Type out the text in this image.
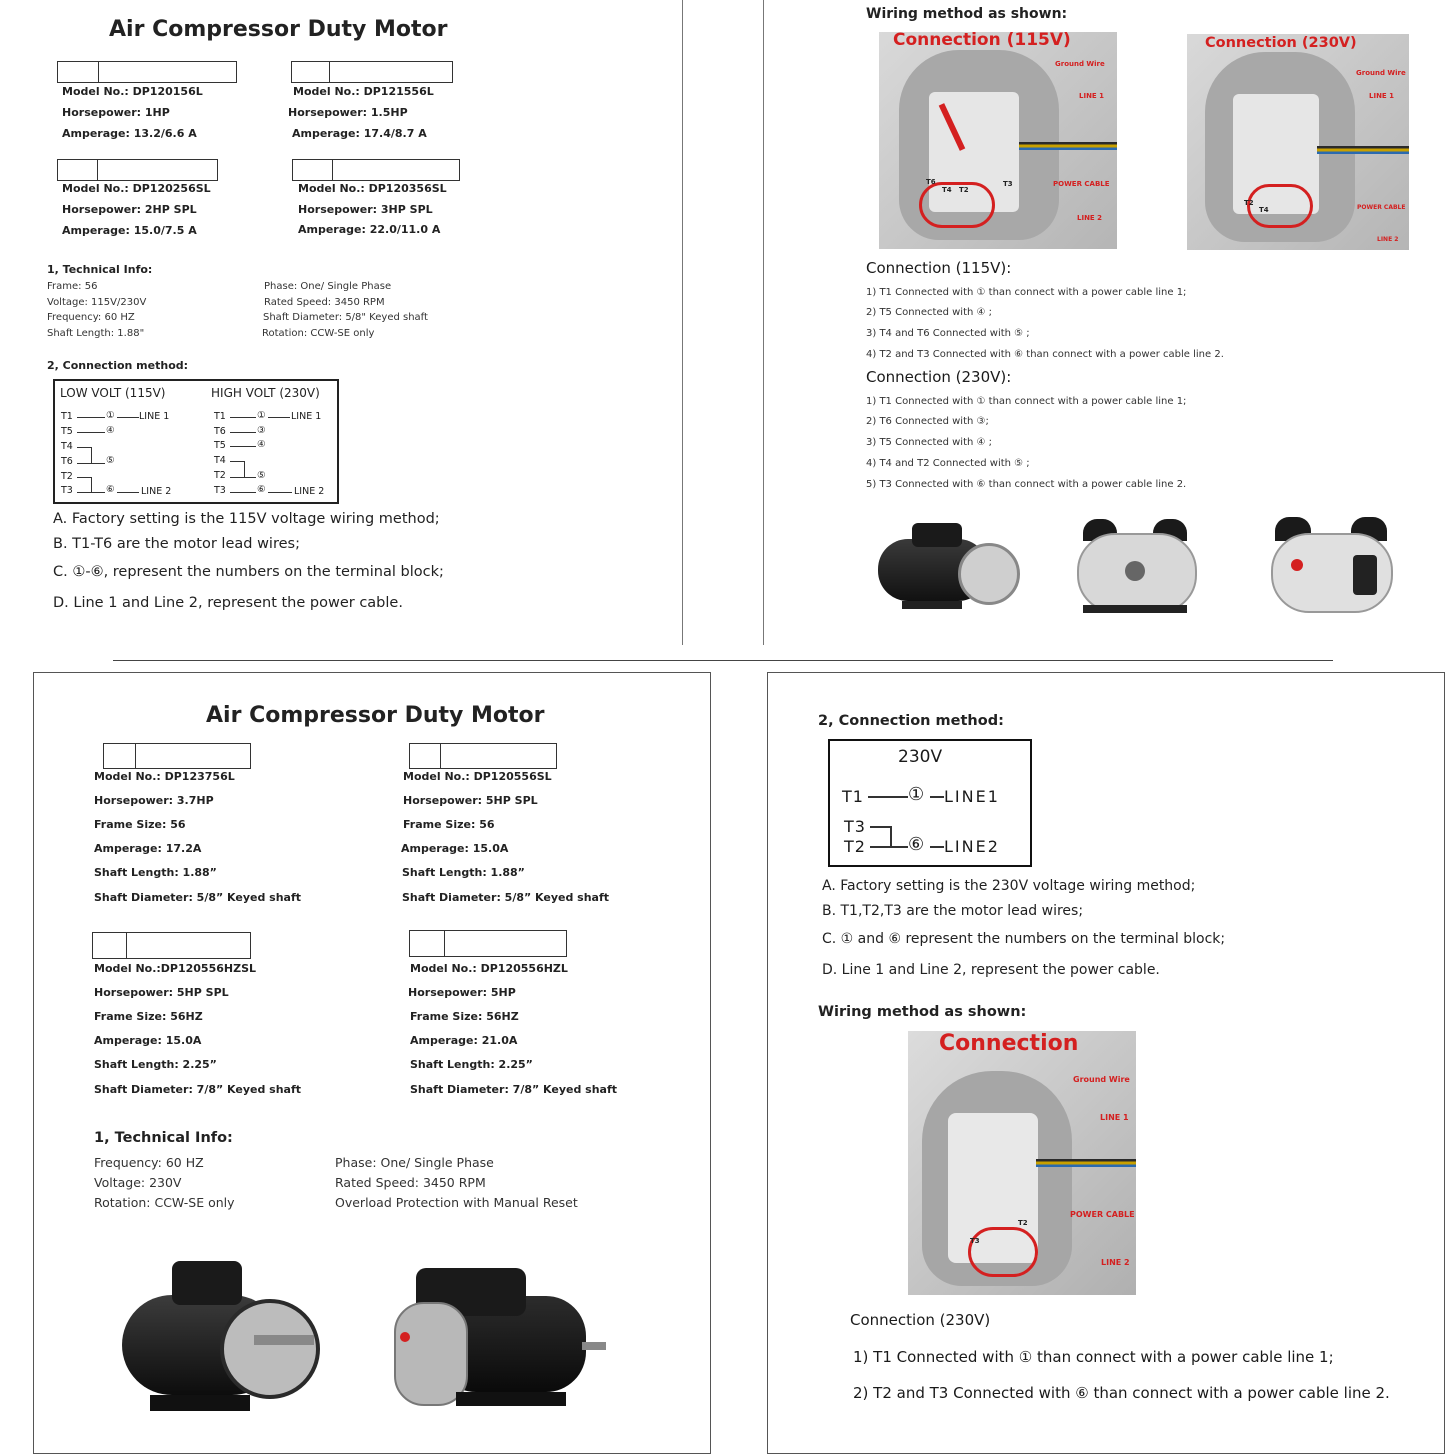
Air Compressor Duty Motor
Model No.: DP120156L
Horsepower: 1HP
Amperage: 13.2/6.6 A
Model No.: DP121556L
Horsepower: 1.5HP
Amperage: 17.4/8.7 A
Model No.: DP120256SL
Horsepower: 2HP SPL
Amperage: 15.0/7.5 A
Model No.: DP120356SL
Horsepower: 3HP SPL
Amperage: 22.0/11.0 A
1, Technical Info:
Frame: 56
Voltage: 115V/230V
Frequency: 60 HZ
Shaft Length: 1.88"
Phase: One/ Single Phase
Rated Speed: 3450 RPM
Shaft Diameter: 5/8" Keyed shaft
Rotation: CCW-SE only
2, Connection method:
LOW VOLT (115V)	HIGH VOLT (230V)
T1	①	LINE 1
T5	④
T4
T6	⑤
T2
T3	⑥	LINE 2
T1	①	LINE 1
T6	③
T5	④
T4
T2	⑤
T3	⑥	LINE 2
A. Factory setting is the 115V voltage wiring method;
B. T1-T6 are the motor lead wires;
C. ①-⑥, represent the numbers on the terminal block;
D. Line 1 and Line 2, represent the power cable.
Wiring method as shown:
Connection (115V)
Ground Wire
LINE 1
POWER CABLE
LINE 2
T6
T4 T2
T3
Connection (230V)
Ground Wire
LINE 1
POWER CABLE
LINE 2
T2
T4
Connection (115V):
1) T1 Connected with ① than connect with a power cable line 1;
2) T5 Connected with ④ ;
3) T4 and T6 Connected with ⑤ ;
4) T2 and T3 Connected with ⑥ than connect with a power cable line 2.
Connection (230V):
1) T1 Connected with ① than connect with a power cable line 1;
2) T6 Connected with ③;
3) T5 Connected with ④ ;
4) T4 and T2 Connected with ⑤ ;
5) T3 Connected with ⑥ than connect with a power cable line 2.
Air Compressor Duty Motor
Model No.: DP123756L
Horsepower: 3.7HP
Frame Size: 56
Amperage: 17.2A
Shaft Length: 1.88”
Shaft Diameter: 5/8” Keyed shaft
Model No.: DP120556SL
Horsepower: 5HP SPL
Frame Size: 56
Amperage: 15.0A
Shaft Length: 1.88”
Shaft Diameter: 5/8” Keyed shaft
Model No.:DP120556HZSL
Horsepower: 5HP SPL
Frame Size: 56HZ
Amperage: 15.0A
Shaft Length: 2.25”
Shaft Diameter: 7/8” Keyed shaft
Model No.: DP120556HZL
Horsepower: 5HP
Frame Size: 56HZ
Amperage: 21.0A
Shaft Length: 2.25”
Shaft Diameter: 7/8” Keyed shaft
1, Technical Info:
Frequency: 60 HZ
Voltage: 230V
Rotation: CCW-SE only
Phase: One/ Single Phase
Rated Speed: 3450 RPM
Overload Protection with Manual Reset
2, Connection method:
230V
T1 ① LINE1
T3
T2 ⑥ LINE2
A. Factory setting is the 230V voltage wiring method;
B. T1,T2,T3 are the motor lead wires;
C. ① and ⑥ represent the numbers on the terminal block;
D. Line 1 and Line 2, represent the power cable.
Wiring method as shown:
Connection
Ground Wire
LINE 1
POWER CABLE
LINE 2
T2
T3
Connection (230V)
1) T1 Connected with ① than connect with a power cable line 1;
2) T2 and T3 Connected with ⑥ than connect with a power cable line 2.
